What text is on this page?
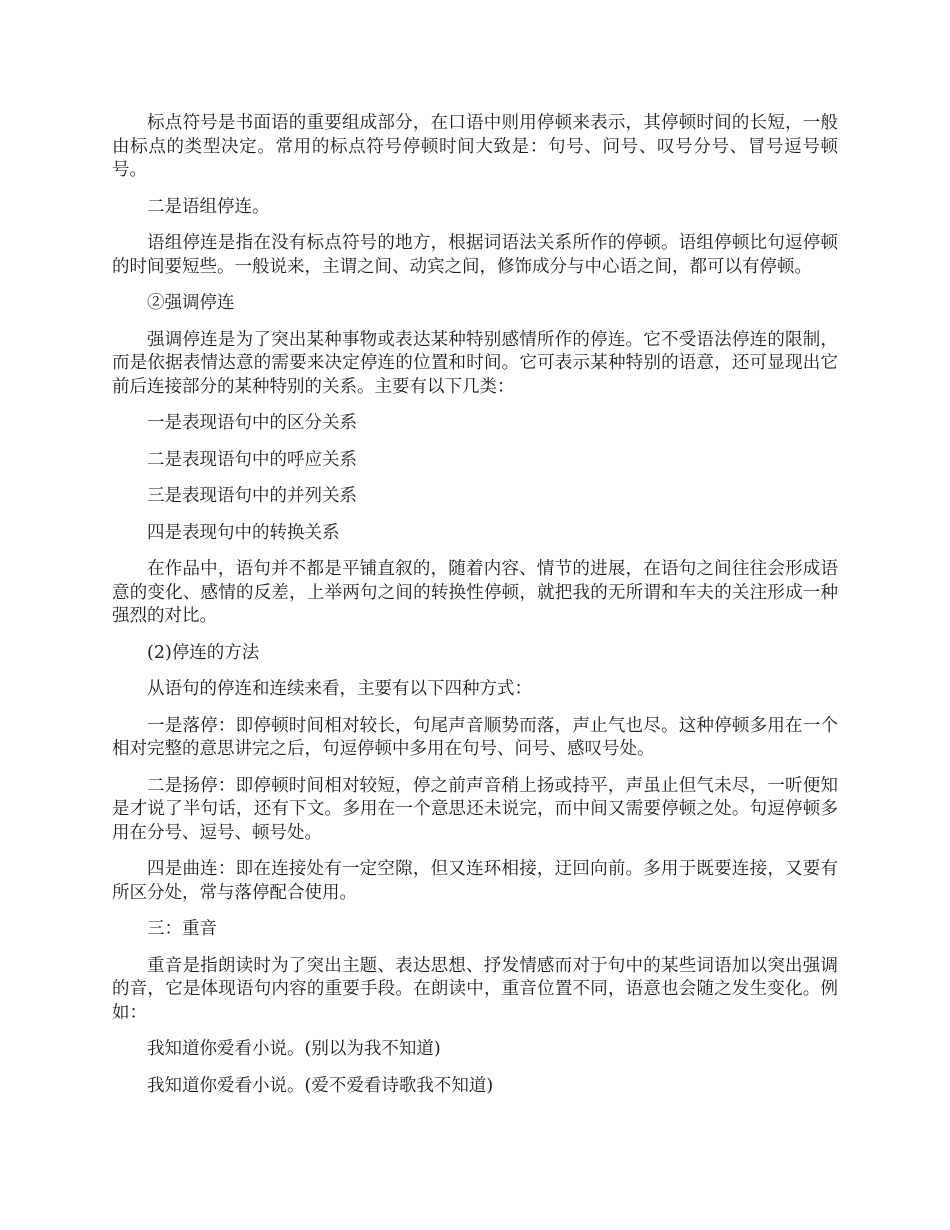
标点符号是书面语的重要组成部分，在口语中则用停顿来表示，其停顿时间的长短，一般由标点的类型决定。常用的标点符号停顿时间大致是：句号、问号、叹号分号、冒号逗号顿号。

二是语组停连。

语组停连是指在没有标点符号的地方，根据词语法关系所作的停顿。语组停顿比句逗停顿的时间要短些。一般说来，主谓之间、动宾之间，修饰成分与中心语之间，都可以有停顿。

②强调停连

强调停连是为了突出某种事物或表达某种特别感情所作的停连。它不受语法停连的限制，而是依据表情达意的需要来决定停连的位置和时间。它可表示某种特别的语意，还可显现出它前后连接部分的某种特别的关系。主要有以下几类：

一是表现语句中的区分关系

二是表现语句中的呼应关系

三是表现语句中的并列关系

四是表现句中的转换关系

在作品中，语句并不都是平铺直叙的，随着内容、情节的进展，在语句之间往往会形成语意的变化、感情的反差，上举两句之间的转换性停顿，就把我的无所谓和车夫的关注形成一种强烈的对比。

(2)停连的方法

从语句的停连和连续来看，主要有以下四种方式：

一是落停：即停顿时间相对较长，句尾声音顺势而落，声止气也尽。这种停顿多用在一个相对完整的意思讲完之后，句逗停顿中多用在句号、问号、感叹号处。

二是扬停：即停顿时间相对较短，停之前声音稍上扬或持平，声虽止但气未尽，一听便知是才说了半句话，还有下文。多用在一个意思还未说完，而中间又需要停顿之处。句逗停顿多用在分号、逗号、顿号处。

四是曲连：即在连接处有一定空隙，但又连环相接，迂回向前。多用于既要连接，又要有所区分处，常与落停配合使用。

三：重音

重音是指朗读时为了突出主题、表达思想、抒发情感而对于句中的某些词语加以突出强调的音，它是体现语句内容的重要手段。在朗读中，重音位置不同，语意也会随之发生变化。例如：

我知道你爱看小说。(别以为我不知道)

我知道你爱看小说。(爱不爱看诗歌我不知道)
